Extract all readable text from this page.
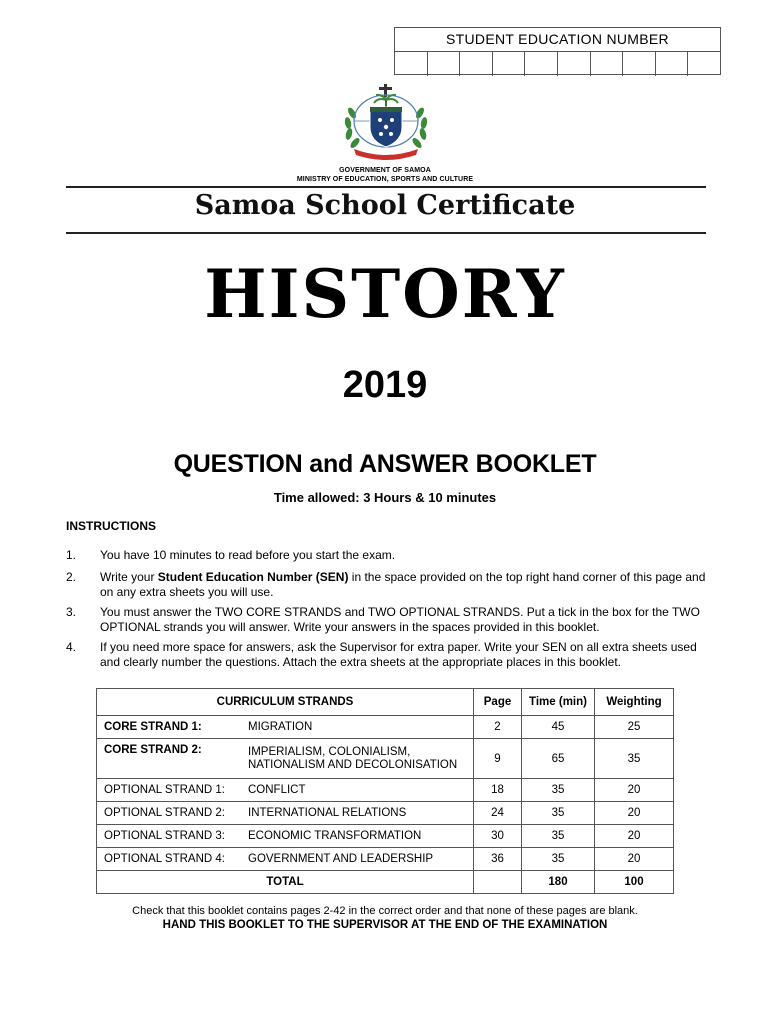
STUDENT EDUCATION NUMBER
GOVERNMENT OF SAMOA
MINISTRY OF EDUCATION, SPORTS AND CULTURE
Samoa School Certificate
HISTORY
2019
QUESTION and ANSWER BOOKLET
Time allowed: 3 Hours & 10 minutes
INSTRUCTIONS
1.	You have 10 minutes to read before you start the exam.
2.	Write your Student Education Number (SEN) in the space provided on the top right hand corner of this page and on any extra sheets you will use.
3.	You must answer the TWO CORE STRANDS and TWO OPTIONAL STRANDS. Put a tick in the box for the TWO OPTIONAL strands you will answer. Write your answers in the spaces provided in this booklet.
4.	If you need more space for answers, ask the Supervisor for extra paper. Write your SEN on all extra sheets used and clearly number the questions. Attach the extra sheets at the appropriate places in this booklet.
CURRICULUM STRANDS		Page	Time (min)	Weighting
CORE STRAND 1:	MIGRATION	2	45	25
CORE STRAND 2:	IMPERIALISM, COLONIALISM, NATIONALISM AND DECOLONISATION	9	65	35
OPTIONAL STRAND 1:	CONFLICT	18	35	20
OPTIONAL STRAND 2:	INTERNATIONAL RELATIONS	24	35	20
OPTIONAL STRAND 3:	ECONOMIC TRANSFORMATION	30	35	20
OPTIONAL STRAND 4:	GOVERNMENT AND LEADERSHIP	36	35	20
TOTAL			180	100
Check that this booklet contains pages 2-42 in the correct order and that none of these pages are blank.
HAND THIS BOOKLET TO THE SUPERVISOR AT THE END OF THE EXAMINATION
